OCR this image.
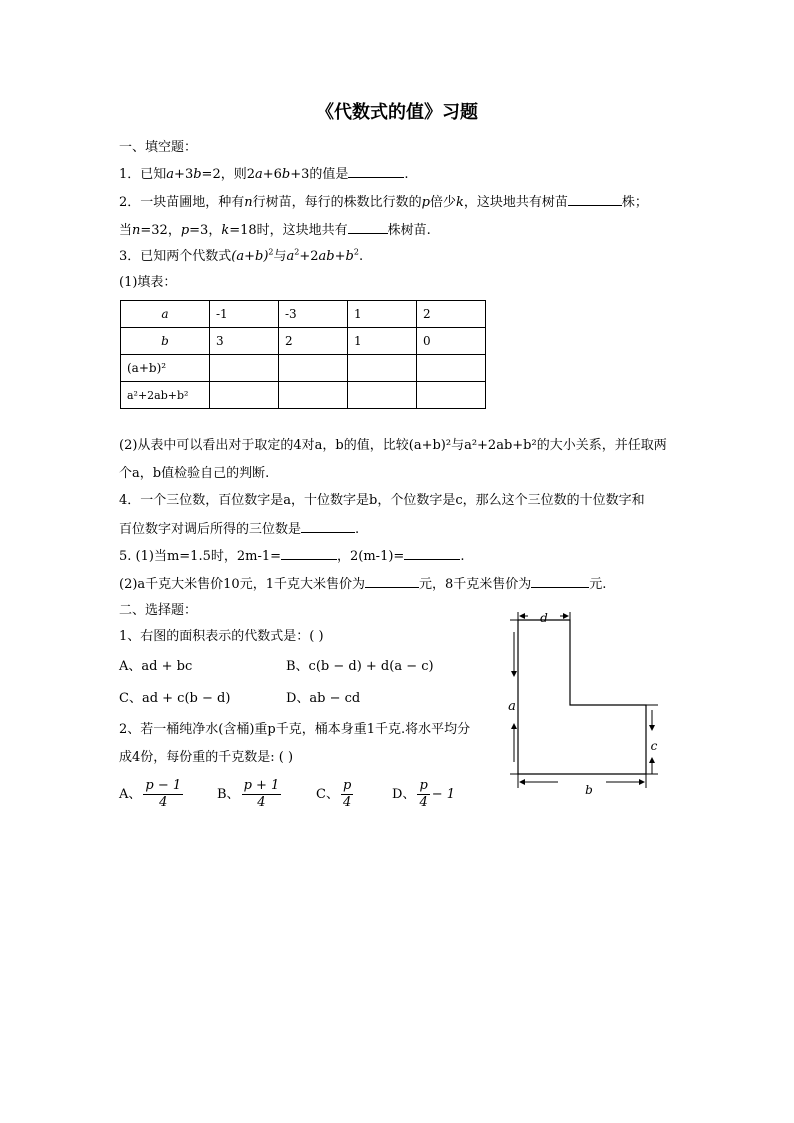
《代数式的值》习题
一、填空题：
1．已知a+3b=2，则2a+6b+3的值是	.
2．一块苗圃地，种有n行树苗，每行的株数比行数的p倍少k，这块地共有树苗	株；
当n=32，p=3，k=18时，这块地共有	株树苗.
3．已知两个代数式$(a+b)^2$与$a^2+2ab+b^2$.
(1)填表：
a	-1	-3	1	2
b	3	2	1	0
(a+b)²				
a²+2ab+b²				
(2)从表中可以看出对于取定的4对a，b的值，比较(a+b)²与a²+2ab+b²的大小关系，并任取两
个a，b值检验自己的判断.
4．一个三位数，百位数字是a，十位数字是b，个位数字是c，那么这个三位数的十位数字和
百位数字对调后所得的三位数是	.
5. (1)当m=1.5时，2m-1=	，2(m-1)=	.
(2)a千克大米售价10元，1千克大米售价为	元，8千克米售价为	元.
二、选择题：
1、右图的面积表示的代数式是：( )
A、ad + bc	B、c(b − d) + d(a − c)
C、ad + c(b − d)	D、ab − cd
2、若一桶纯净水(含桶)重p千克，桶本身重1千克.将水平均分
成4份，每份重的千克数是: ( )
A、 $\frac{p - 1}{4}$	B、 $\frac{p + 1}{4}$	C、 $\frac{p}{4}$	D、 $\frac{p}{4} - 1$
d
a
c
b
